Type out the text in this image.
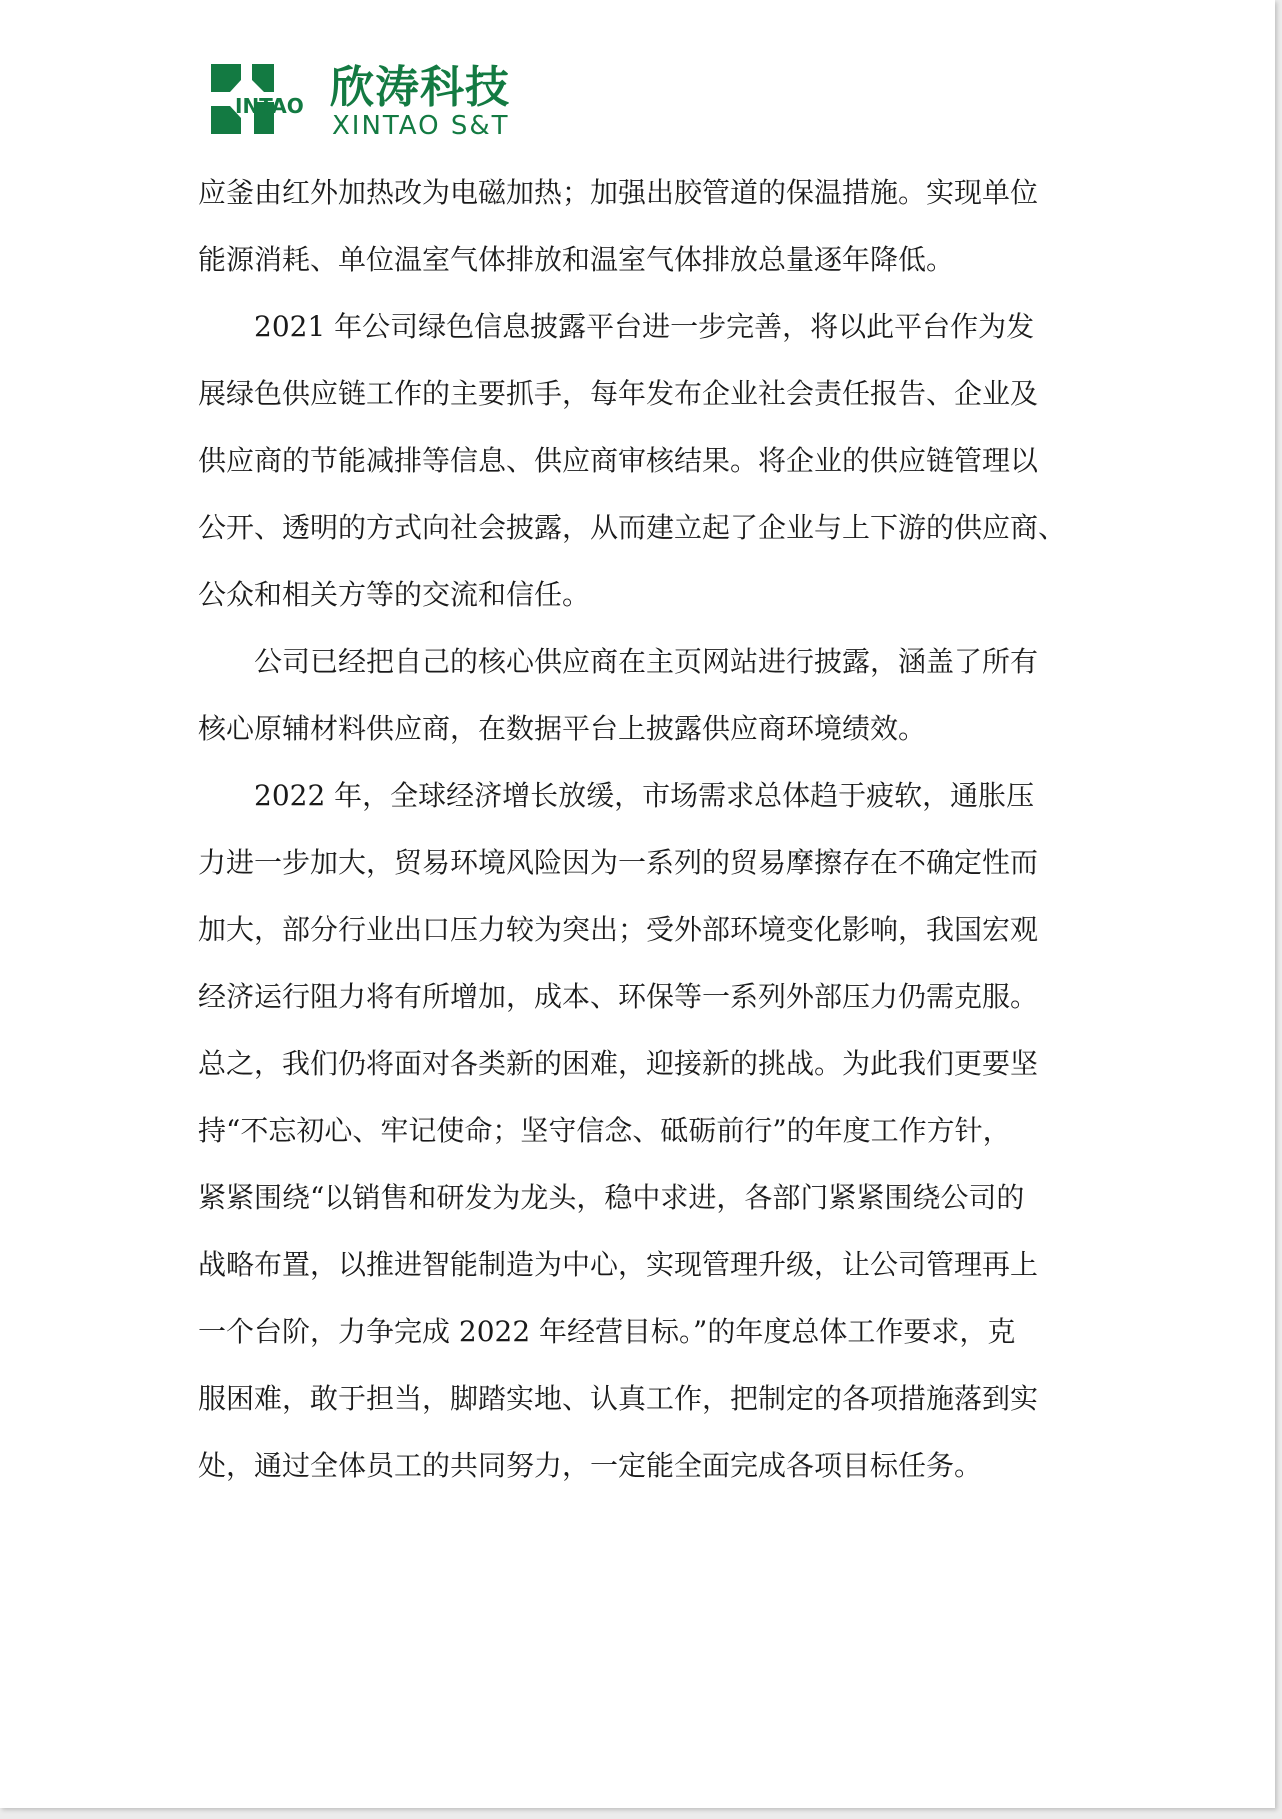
INTAO 欣涛科技
XINTAO S&T

应釜由红外加热改为电磁加热；加强出胶管道的保温措施。实现单位
能源消耗、单位温室气体排放和温室气体排放总量逐年降低。

2021 年公司绿色信息披露平台进一步完善，将以此平台作为发
展绿色供应链工作的主要抓手，每年发布企业社会责任报告、企业及
供应商的节能减排等信息、供应商审核结果。将企业的供应链管理以
公开、透明的方式向社会披露，从而建立起了企业与上下游的供应商、
公众和相关方等的交流和信任。

公司已经把自己的核心供应商在主页网站进行披露，涵盖了所有
核心原辅材料供应商，在数据平台上披露供应商环境绩效。

2022 年，全球经济增长放缓，市场需求总体趋于疲软，通胀压
力进一步加大，贸易环境风险因为一系列的贸易摩擦存在不确定性而
加大，部分行业出口压力较为突出；受外部环境变化影响，我国宏观
经济运行阻力将有所增加，成本、环保等一系列外部压力仍需克服。
总之，我们仍将面对各类新的困难，迎接新的挑战。为此我们更要坚
持“不忘初心、牢记使命；坚守信念、砥砺前行”的年度工作方针，
紧紧围绕“以销售和研发为龙头，稳中求进，各部门紧紧围绕公司的
战略布置，以推进智能制造为中心，实现管理升级，让公司管理再上
一个台阶，力争完成 2022 年经营目标。”的年度总体工作要求，克
服困难，敢于担当，脚踏实地、认真工作，把制定的各项措施落到实
处，通过全体员工的共同努力，一定能全面完成各项目标任务。
